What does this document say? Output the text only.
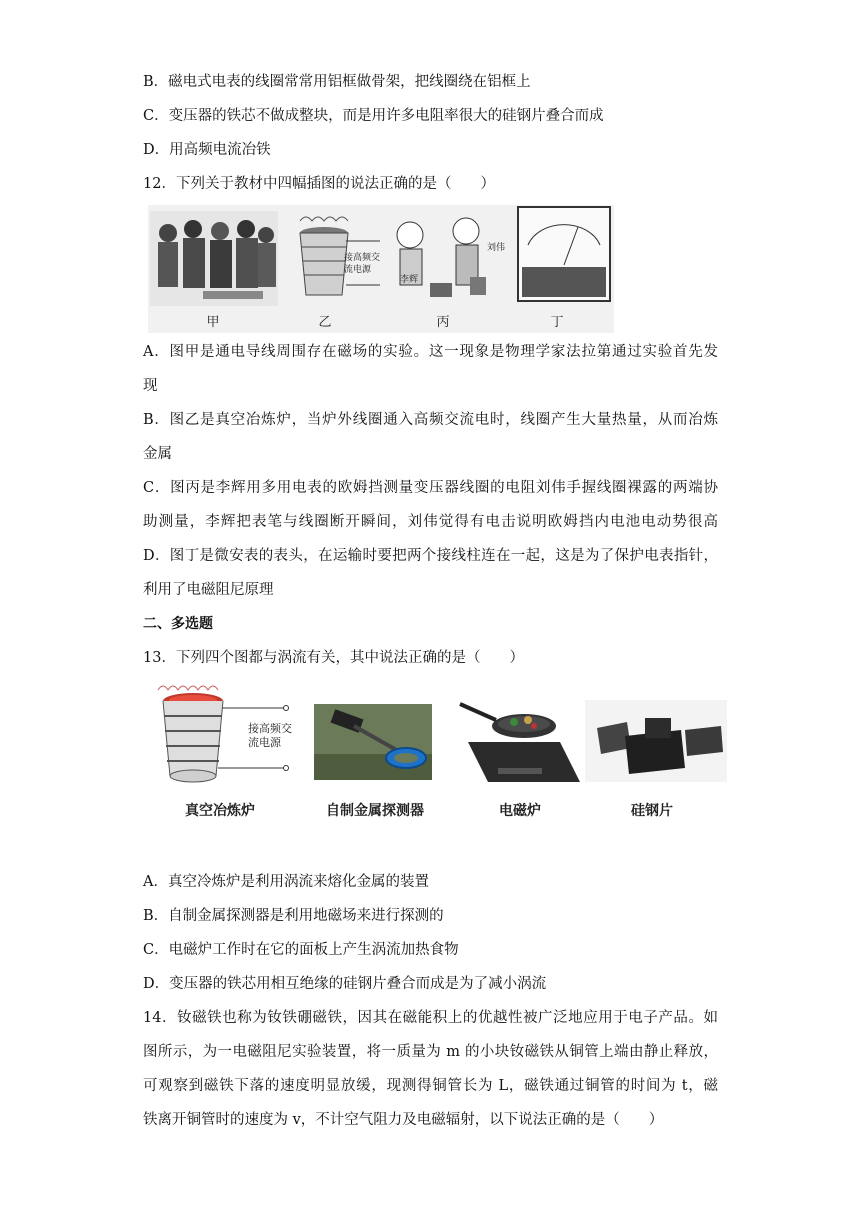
B．磁电式电表的线圈常常用铝框做骨架，把线圈绕在铝框上
C．变压器的铁芯不做成整块，而是用许多电阻率很大的硅钢片叠合而成
D．用高频电流冶铁
12．下列关于教材中四幅插图的说法正确的是（　　）
接高频交
流电源
李辉
刘伟
甲	乙	丙	丁
A．图甲是通电导线周围存在磁场的实验。这一现象是物理学家法拉第通过实验首先发
现
B．图乙是真空冶炼炉，当炉外线圈通入高频交流电时，线圈产生大量热量，从而冶炼
金属
C．图丙是李辉用多用电表的欧姆挡测量变压器线圈的电阻刘伟手握线圈裸露的两端协
助测量，李辉把表笔与线圈断开瞬间，刘伟觉得有电击说明欧姆挡内电池电动势很高
D．图丁是微安表的表头，在运输时要把两个接线柱连在一起，这是为了保护电表指针，
利用了电磁阻尼原理
二、多选题
13．下列四个图都与涡流有关，其中说法正确的是（　　）
接高频交
流电源
真空冶炼炉	自制金属探测器	电磁炉	硅钢片
A．真空冷炼炉是利用涡流来熔化金属的装置
B．自制金属探测器是利用地磁场来进行探测的
C．电磁炉工作时在它的面板上产生涡流加热食物
D．变压器的铁芯用相互绝缘的硅钢片叠合而成是为了减小涡流
14．钕磁铁也称为钕铁硼磁铁，因其在磁能积上的优越性被广泛地应用于电子产品。如
图所示，为一电磁阻尼实验装置，将一质量为 m 的小块钕磁铁从铜管上端由静止释放，
可观察到磁铁下落的速度明显放缓，现测得铜管长为 L，磁铁通过铜管的时间为 t，磁
铁离开铜管时的速度为 v，不计空气阻力及电磁辐射，以下说法正确的是（　　）
